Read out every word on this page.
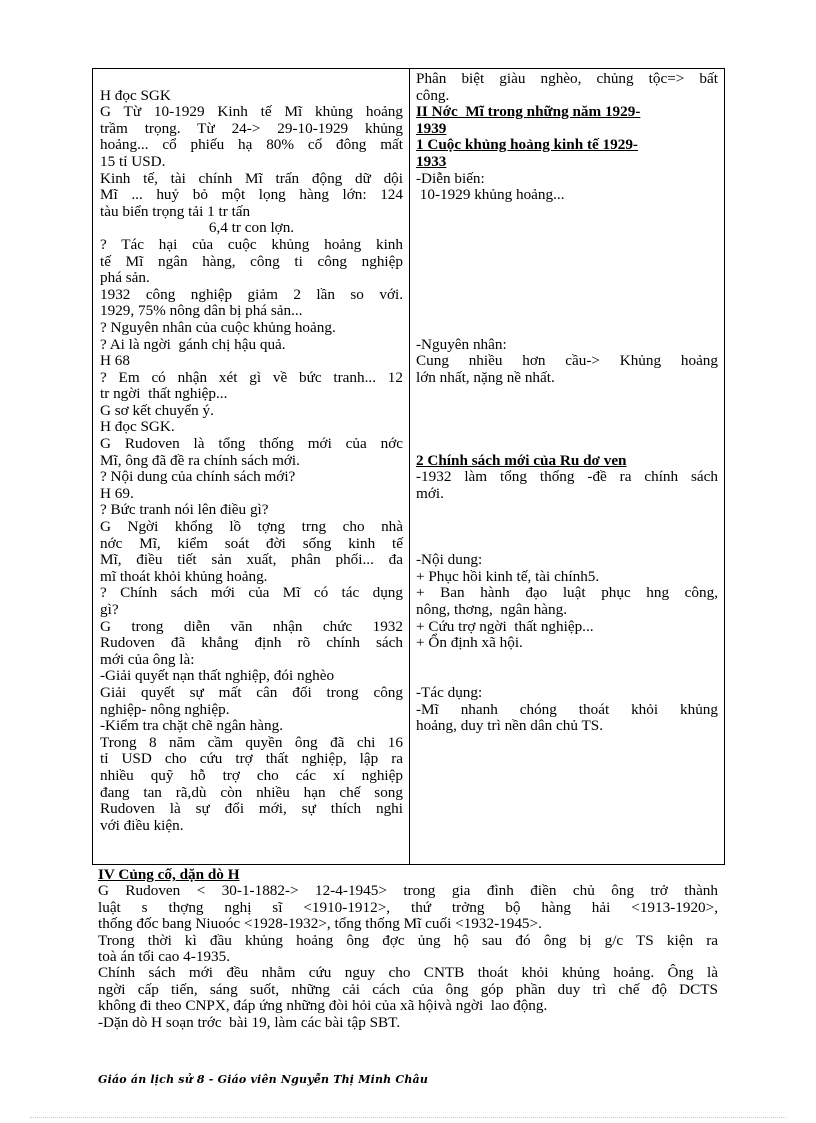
H đọc SGK
G Từ 10-1929 Kinh tế Mĩ khủng hoảng
trầm trọng. Từ 24-> 29-10-1929 khủng
hoảng... cổ phiếu hạ 80% cổ đông mất
15 tỉ USD.
Kinh tế, tài chính Mĩ trấn động dữ dội
Mĩ ... huỷ bỏ một lọng hàng lớn: 124
tàu biển trọng tải 1 tr tấn
6,4 tr con lợn.
? Tác hại của cuộc khủng hoảng kinh
tế Mĩ ngân hàng, công ti công nghiệp
phá sản.
1932 công nghiệp giảm 2 lần so với.
1929, 75% nông dân bị phá sản...
? Nguyên nhân của cuộc khủng hoảng.
? Ai là ngời  gánh chị hậu quả.
H 68
? Em có nhận xét gì về bức tranh... 12
tr ngời  thất nghiệp...
G sơ kết chuyển ý.
H đọc SGK.
G Rudoven là tổng thống mới của nớc
Mĩ, ông đã đề ra chính sách mới.
? Nội dung của chính sách mới?
H 69.
? Bức tranh nói lên điều gì?
G Ngời khổng lồ tợng trng cho nhà
nớc Mĩ, kiểm soát đời sống kinh tế
Mĩ, điều tiết sản xuất, phân phối... đa
mĩ thoát khỏi khủng hoảng.
? Chính sách mới của Mĩ có tác dụng
gì?
G trong diễn văn nhận chức 1932
Rudoven đã khẳng định rõ chính sách
mới của ông là:
-Giải quyết nạn thất nghiệp, đói nghèo
Giải quyết sự mất cân đối trong công
nghiệp- nông nghiệp.
-Kiểm tra chặt chẽ ngân hàng.
Trong 8 năm cầm quyền ông đã chi 16
tỉ USD cho cứu trợ thất nghiệp, lập ra
nhiều quỹ hỗ trợ cho các xí nghiệp
đang tan rã,dù còn nhiều hạn chế song
Rudoven là sự đổi mới, sự thích nghi
với điều kiện.
Phân biệt giàu nghèo, chủng tộc=> bất
công.
II Nớc  Mĩ trong những năm 1929-
1939
1 Cuộc khủng hoảng kinh tế 1929-
1933
-Diễn biến:
10-1929 khủng hoảng...
-Nguyên nhân:
Cung nhiều hơn cầu-> Khủng hoảng
lớn nhất, nặng nề nhất.
2 Chính sách mới của Ru dơ ven
-1932 làm tổng thống -đề ra chính sách
mới.
-Nội dung:
+ Phục hồi kinh tế, tài chính5.
+ Ban hành đạo luật phục hng công,
nông, thơng,  ngân hàng.
+ Cứu trợ ngời  thất nghiệp...
+ Ổn định xã hội.
-Tác dụng:
-Mĩ nhanh chóng thoát khỏi khủng
hoảng, duy trì nền dân chủ TS.
IV Củng cố, dặn dò H
G Rudoven < 30-1-1882-> 12-4-1945> trong gia đình điền chủ ông trở thành
luật s thợng nghị sĩ <1910-1912>, thứ trởng bộ hàng hải <1913-1920>,
thống đốc bang Niuoóc <1928-1932>, tổng thống Mĩ cuối <1932-1945>.
Trong thời kì đầu khủng hoảng ông đợc ủng hộ sau đó ông bị g/c TS kiện ra
toà án tối cao 4-1935.
Chính sách mới đều nhằm cứu nguy cho CNTB thoát khỏi khủng hoảng. Ông là
ngời cấp tiến, sáng suốt, những cải cách của ông góp phần duy trì chế độ DCTS
không đi theo CNPX, đáp ứng những đòi hỏi của xã hộivà ngời  lao động.
-Dặn dò H soạn trớc  bài 19, làm các bài tập SBT.
Giáo án lịch sử 8 - Giáo viên Nguyễn Thị Minh Châu
